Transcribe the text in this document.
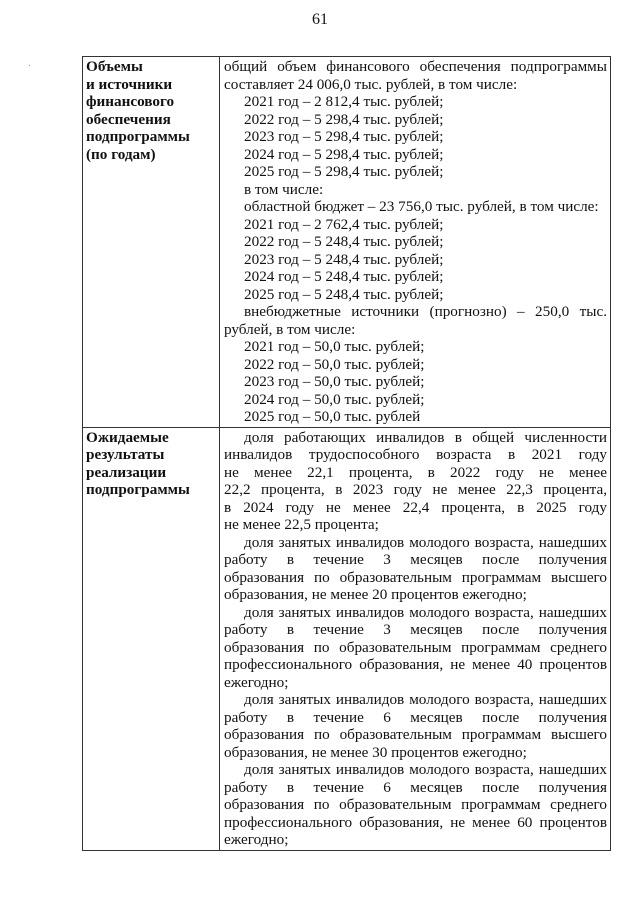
61
Объемы
и источники
финансового
обеспечения
подпрограммы
(по годам)

общий объем финансового обеспечения подпрограммы
составляет 24 006,0 тыс. рублей, в том числе:
2021 год – 2 812,4 тыс. рублей;
2022 год – 5 298,4 тыс. рублей;
2023 год – 5 298,4 тыс. рублей;
2024 год – 5 298,4 тыс. рублей;
2025 год – 5 298,4 тыс. рублей;
в том числе:
областной бюджет – 23 756,0 тыс. рублей, в том числе:
2021 год – 2 762,4 тыс. рублей;
2022 год – 5 248,4 тыс. рублей;
2023 год – 5 248,4 тыс. рублей;
2024 год – 5 248,4 тыс. рублей;
2025 год – 5 248,4 тыс. рублей;
внебюджетные источники (прогнозно) – 250,0 тыс.
рублей, в том числе:
2021 год – 50,0 тыс. рублей;
2022 год – 50,0 тыс. рублей;
2023 год – 50,0 тыс. рублей;
2024 год – 50,0 тыс. рублей;
2025 год – 50,0 тыс. рублей

Ожидаемые
результаты
реализации
подпрограммы

доля работающих инвалидов в общей численности
инвалидов трудоспособного возраста в 2021 году
не менее 22,1 процента, в 2022 году не менее
22,2 процента, в 2023 году не менее 22,3 процента,
в 2024 году не менее 22,4 процента, в 2025 году
не менее 22,5 процента;
доля занятых инвалидов молодого возраста, нашедших
работу в течение 3 месяцев после получения
образования по образовательным программам высшего
образования, не менее 20 процентов ежегодно;
доля занятых инвалидов молодого возраста, нашедших
работу в течение 3 месяцев после получения
образования по образовательным программам среднего
профессионального образования, не менее 40 процентов
ежегодно;
доля занятых инвалидов молодого возраста, нашедших
работу в течение 6 месяцев после получения
образования по образовательным программам высшего
образования, не менее 30 процентов ежегодно;
доля занятых инвалидов молодого возраста, нашедших
работу в течение 6 месяцев после получения
образования по образовательным программам среднего
профессионального образования, не менее 60 процентов
ежегодно;
